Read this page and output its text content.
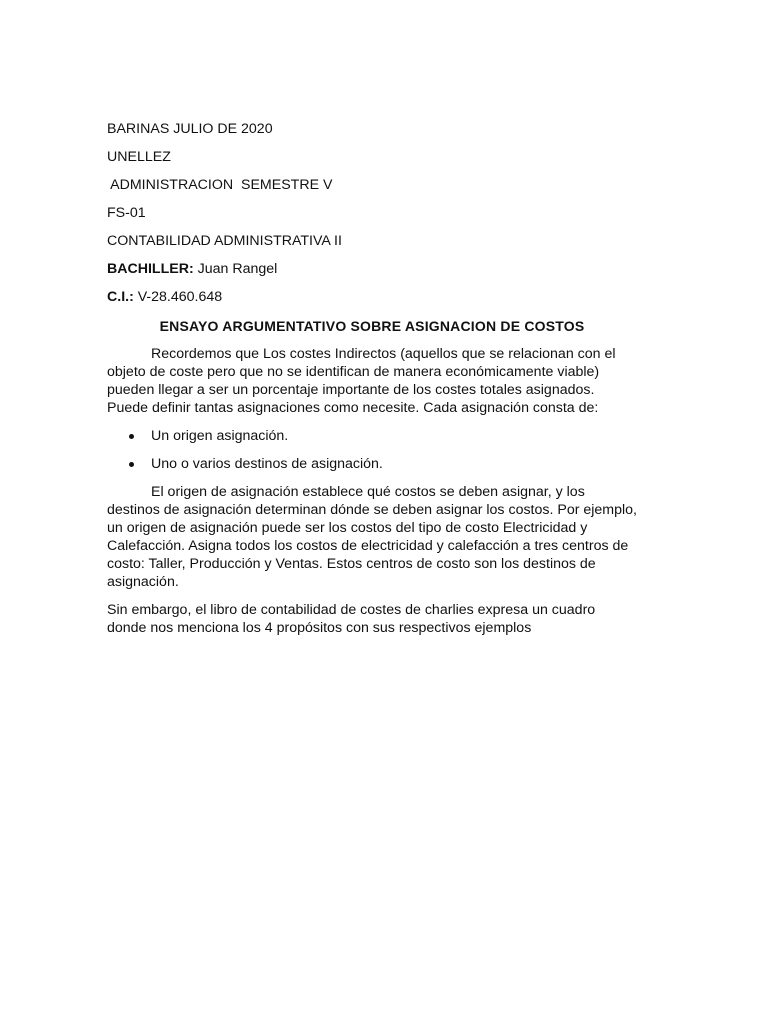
BARINAS JULIO DE 2020
UNELLEZ
ADMINISTRACION  SEMESTRE V
FS-01
CONTABILIDAD ADMINISTRATIVA II
BACHILLER: Juan Rangel
C.I.: V-28.460.648
ENSAYO ARGUMENTATIVO SOBRE ASIGNACION DE COSTOS

Recordemos que Los costes Indirectos (aquellos que se relacionan con el objeto de coste pero que no se identifican de manera económicamente viable) pueden llegar a ser un porcentaje importante de los costes totales asignados. Puede definir tantas asignaciones como necesite. Cada asignación consta de:

Un origen asignación.
Uno o varios destinos de asignación.

El origen de asignación establece qué costos se deben asignar, y los destinos de asignación determinan dónde se deben asignar los costos. Por ejemplo, un origen de asignación puede ser los costos del tipo de costo Electricidad y Calefacción. Asigna todos los costos de electricidad y calefacción a tres centros de costo: Taller, Producción y Ventas. Estos centros de costo son los destinos de asignación.

Sin embargo, el libro de contabilidad de costes de charlies expresa un cuadro donde nos menciona los 4 propósitos con sus respectivos ejemplos
